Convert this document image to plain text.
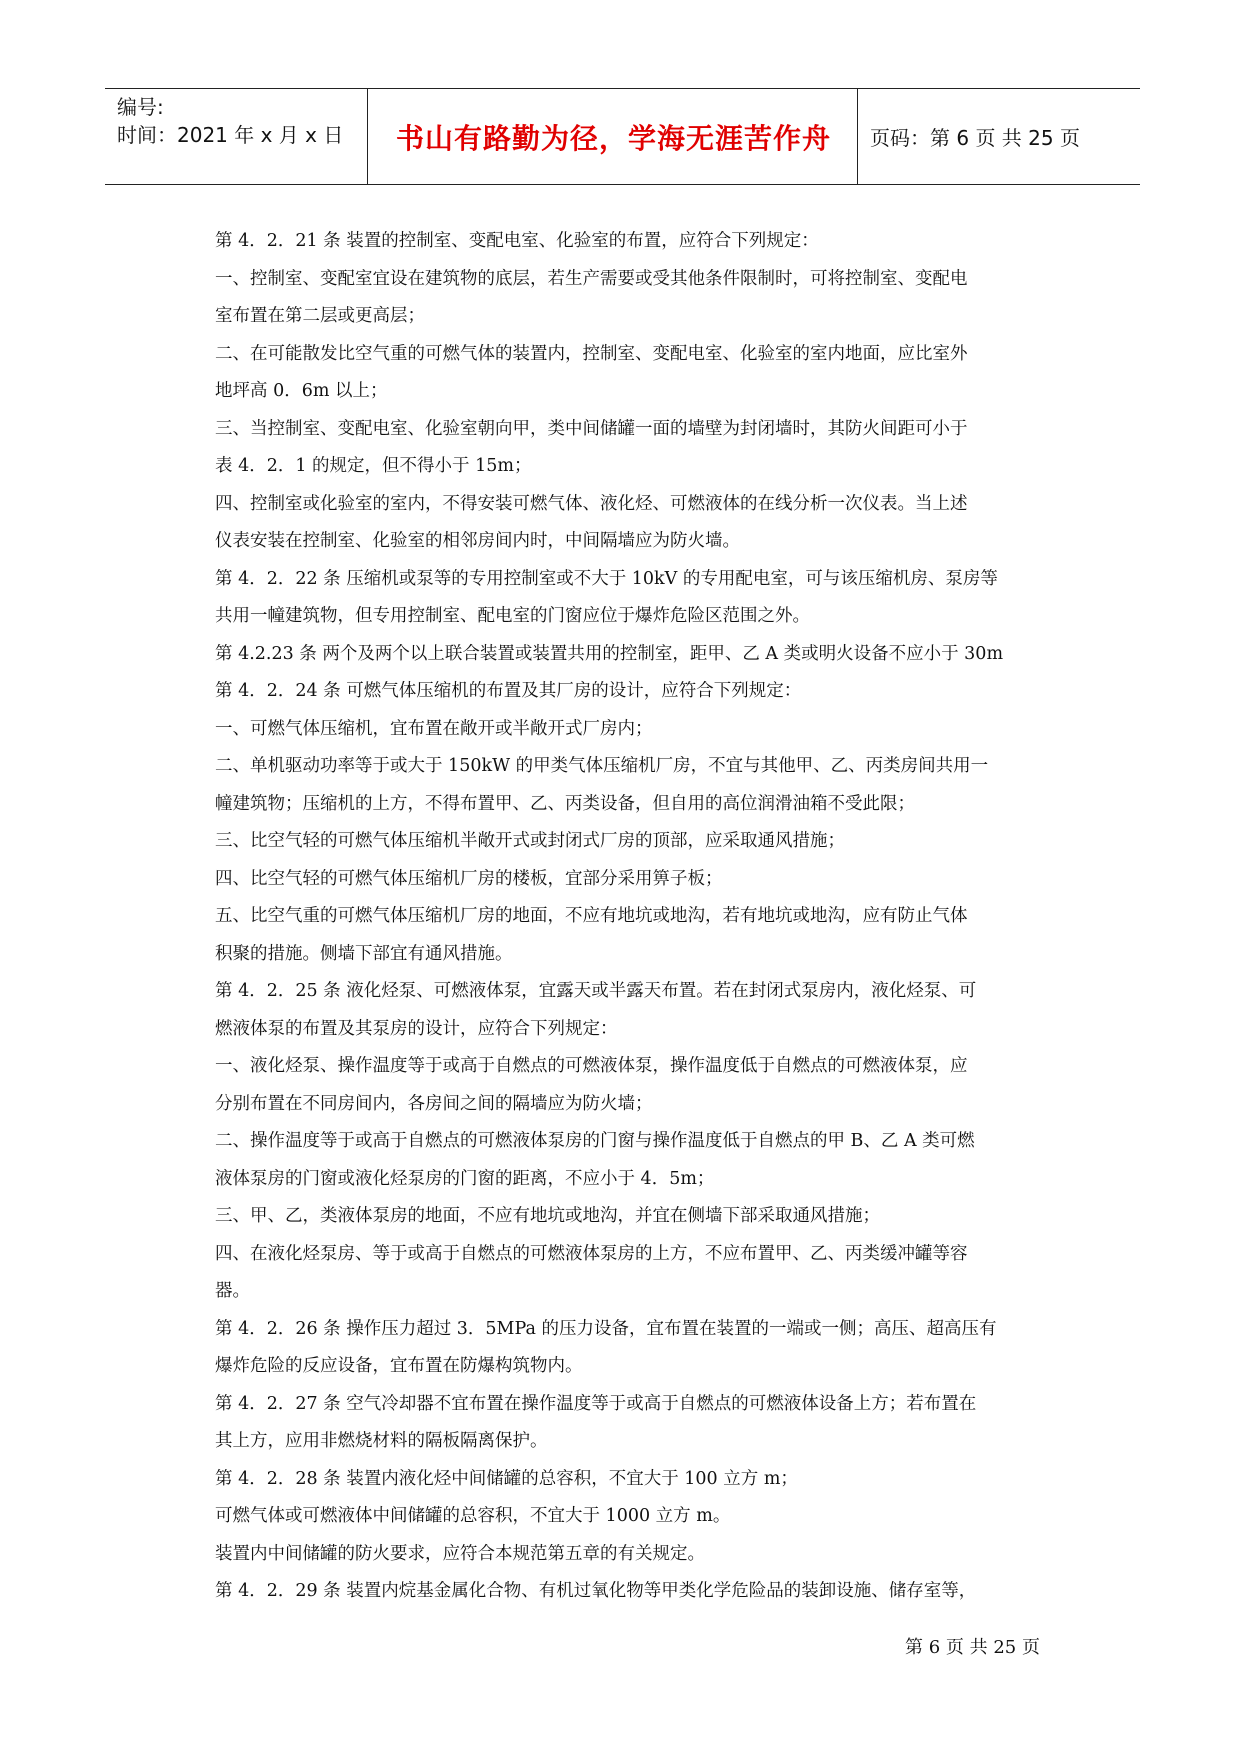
编号:
时间：2021 年 x 月 x 日	书山有路勤为径，学海无涯苦作舟	页码：第 6 页 共 25 页
第 4．2．21 条 装置的控制室、变配电室、化验室的布置，应符合下列规定：
一、控制室、变配室宜设在建筑物的底层，若生产需要或受其他条件限制时，可将控制室、变配电
室布置在第二层或更高层；
二、在可能散发比空气重的可燃气体的装置内，控制室、变配电室、化验室的室内地面，应比室外
地坪高 0．6m 以上；
三、当控制室、变配电室、化验室朝向甲，类中间储罐一面的墙壁为封闭墙时，其防火间距可小于
表 4．2．1 的规定，但不得小于 15m；
四、控制室或化验室的室内，不得安装可燃气体、液化烃、可燃液体的在线分析一次仪表。当上述
仪表安装在控制室、化验室的相邻房间内时，中间隔墙应为防火墙。
第 4．2．22 条 压缩机或泵等的专用控制室或不大于 10kV 的专用配电室，可与该压缩机房、泵房等
共用一幢建筑物，但专用控制室、配电室的门窗应位于爆炸危险区范围之外。
第 4.2.23 条 两个及两个以上联合装置或装置共用的控制室，距甲、乙 A 类或明火设备不应小于 30m
第 4．2．24 条 可燃气体压缩机的布置及其厂房的设计，应符合下列规定：
一、可燃气体压缩机，宜布置在敞开或半敞开式厂房内；
二、单机驱动功率等于或大于 150kW 的甲类气体压缩机厂房，不宜与其他甲、乙、丙类房间共用一
幢建筑物；压缩机的上方，不得布置甲、乙、丙类设备，但自用的高位润滑油箱不受此限；
三、比空气轻的可燃气体压缩机半敞开式或封闭式厂房的顶部，应采取通风措施；
四、比空气轻的可燃气体压缩机厂房的楼板，宜部分采用箅子板；
五、比空气重的可燃气体压缩机厂房的地面，不应有地坑或地沟，若有地坑或地沟，应有防止气体
积聚的措施。侧墙下部宜有通风措施。
第 4．2．25 条 液化烃泵、可燃液体泵，宜露天或半露天布置。若在封闭式泵房内，液化烃泵、可
燃液体泵的布置及其泵房的设计，应符合下列规定：
一、液化烃泵、操作温度等于或高于自燃点的可燃液体泵，操作温度低于自燃点的可燃液体泵，应
分别布置在不同房间内，各房间之间的隔墙应为防火墙；
二、操作温度等于或高于自燃点的可燃液体泵房的门窗与操作温度低于自燃点的甲 B、乙 A 类可燃
液体泵房的门窗或液化烃泵房的门窗的距离，不应小于 4．5m；
三、甲、乙，类液体泵房的地面，不应有地坑或地沟，并宜在侧墙下部采取通风措施；
四、在液化烃泵房、等于或高于自燃点的可燃液体泵房的上方，不应布置甲、乙、丙类缓冲罐等容
器。
第 4．2．26 条 操作压力超过 3．5MPa 的压力设备，宜布置在装置的一端或一侧；高压、超高压有
爆炸危险的反应设备，宜布置在防爆构筑物内。
第 4．2．27 条 空气冷却器不宜布置在操作温度等于或高于自燃点的可燃液体设备上方；若布置在
其上方，应用非燃烧材料的隔板隔离保护。
第 4．2．28 条 装置内液化烃中间储罐的总容积，不宜大于 100 立方 m；
可燃气体或可燃液体中间储罐的总容积，不宜大于 1000 立方 m。
装置内中间储罐的防火要求，应符合本规范第五章的有关规定。
第 4．2．29 条 装置内烷基金属化合物、有机过氧化物等甲类化学危险品的装卸设施、储存室等，
第 6 页 共 25 页
